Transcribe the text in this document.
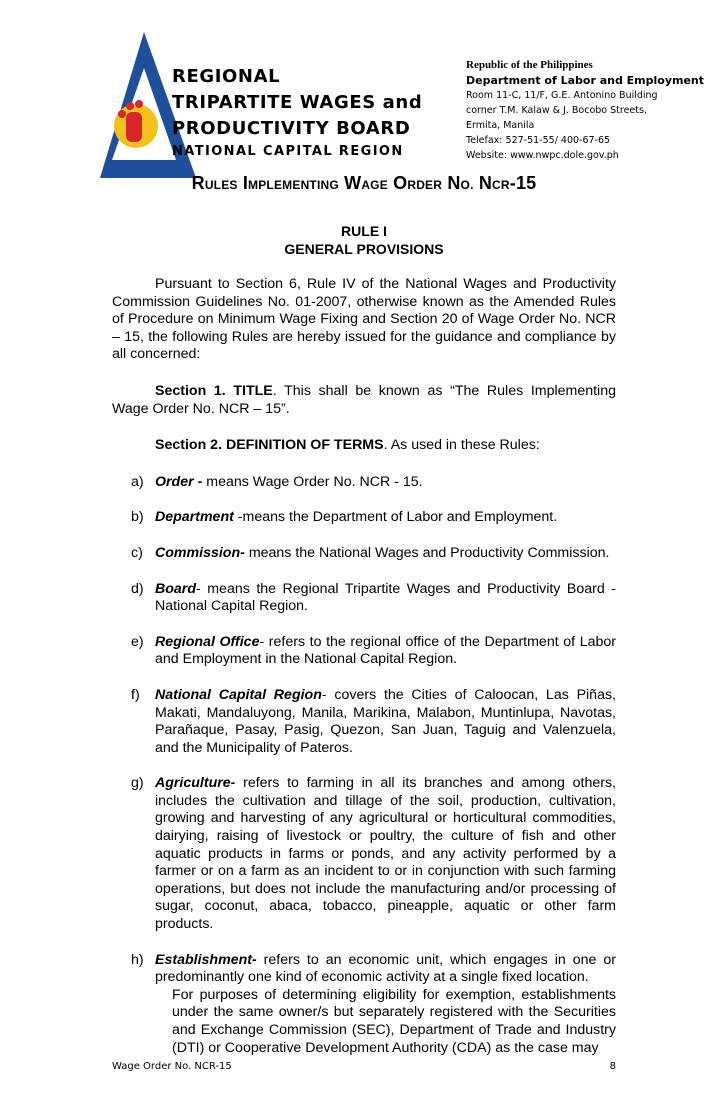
REGIONAL
TRIPARTITE WAGES and
PRODUCTIVITY BOARD
NATIONAL CAPITAL REGION
Republic of the Philippines
Department of Labor and Employment
Room 11-C, 11/F, G.E. Antonino Building
corner T.M. Kalaw & J. Bocobo Streets,
Ermita, Manila
Telefax: 527-51-55/ 400-67-65
Website: www.nwpc.dole.gov.ph
RULES IMPLEMENTING WAGE ORDER NO. NCR-15
RULE I
GENERAL PROVISIONS

Pursuant to Section 6, Rule IV of the National Wages and Productivity Commission Guidelines No. 01-2007, otherwise known as the Amended Rules of Procedure on Minimum Wage Fixing and Section 20 of Wage Order No. NCR – 15, the following Rules are hereby issued for the guidance and compliance by all concerned:

Section 1. TITLE. This shall be known as “The Rules Implementing Wage Order No. NCR – 15”.

Section 2. DEFINITION OF TERMS. As used in these Rules:

a) Order - means Wage Order No. NCR - 15.
b) Department -means the Department of Labor and Employment.
c) Commission- means the National Wages and Productivity Commission.
d) Board- means the Regional Tripartite Wages and Productivity Board - National Capital Region.
e) Regional Office- refers to the regional office of the Department of Labor and Employment in the National Capital Region.
f) National Capital Region- covers the Cities of Caloocan, Las Piñas, Makati, Mandaluyong, Manila, Marikina, Malabon, Muntinlupa, Navotas, Parañaque, Pasay, Pasig, Quezon, San Juan, Taguig and Valenzuela, and the Municipality of Pateros.
g) Agriculture- refers to farming in all its branches and among others, includes the cultivation and tillage of the soil, production, cultivation, growing and harvesting of any agricultural or horticultural commodities, dairying, raising of livestock or poultry, the culture of fish and other aquatic products in farms or ponds, and any activity performed by a farmer or on a farm as an incident to or in conjunction with such farming operations, but does not include the manufacturing and/or processing of sugar, coconut, abaca, tobacco, pineapple, aquatic or other farm products.
h) Establishment- refers to an economic unit, which engages in one or predominantly one kind of economic activity at a single fixed location.
For purposes of determining eligibility for exemption, establishments under the same owner/s but separately registered with the Securities and Exchange Commission (SEC), Department of Trade and Industry (DTI) or Cooperative Development Authority (CDA) as the case may
Wage Order No. NCR-15	8
